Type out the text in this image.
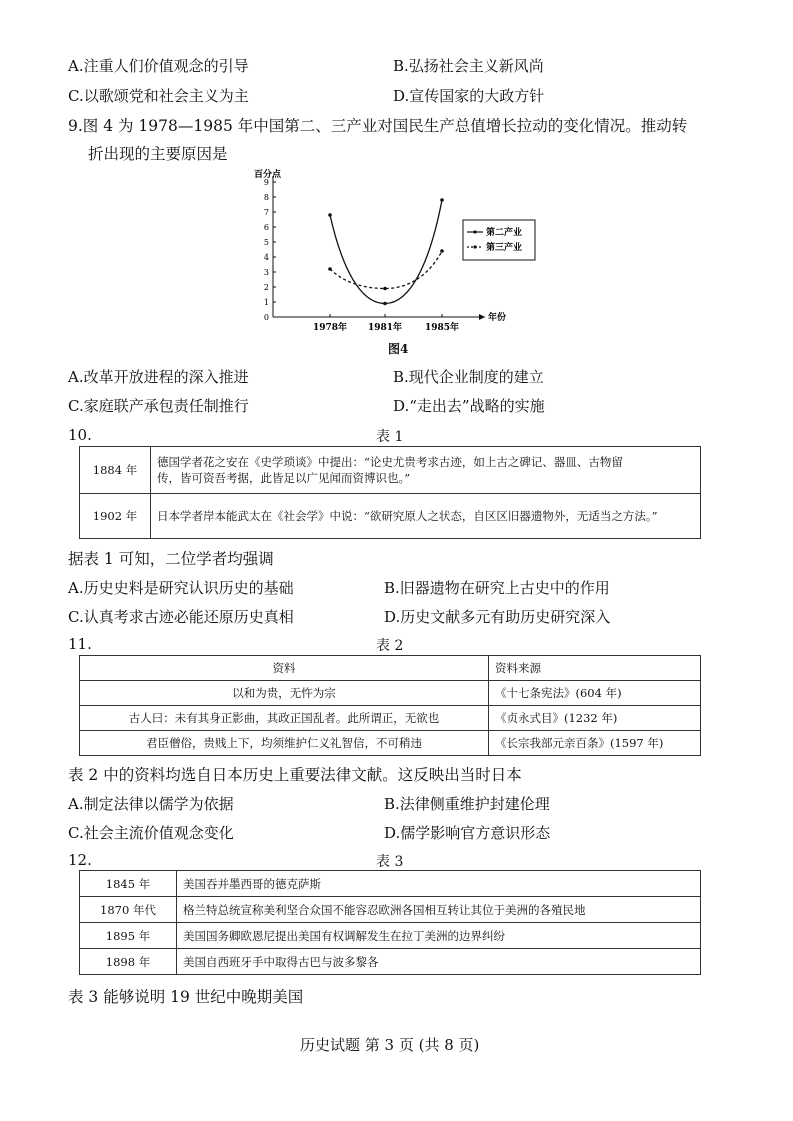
A.注重人们价值观念的引导	B.弘扬社会主义新风尚
C.以歌颂党和社会主义为主	D.宣传国家的大政方针
9.图 4 为 1978—1985 年中国第二、三产业对国民生产总值增长拉动的变化情况。推动转
折出现的主要原因是
0
1
2
3
4
5
6
7
8
9
百分点
1978年 1981年	1985年
年份
第二产业
第三产业
图4
A.改革开放进程的深入推进	B.现代企业制度的建立
C.家庭联产承包责任制推行	D.“走出去”战略的实施
10.	表 1
1884 年	德国学者花之安在《史学琐谈》中提出：“论史尤贵考求古迹，如上古之碑记、器皿、古物留
传，皆可资吾考据，此皆足以广见闻而资博识也。”

1902 年	日本学者岸本能武太在《社会学》中说：“欲研究原人之状态，自区区旧器遗物外，无适当之方法。”
据表 1 可知，二位学者均强调
A.历史史料是研究认识历史的基础	B.旧器遗物在研究上古史中的作用
C.认真考求古迹必能还原历史真相	D.历史文献多元有助历史研究深入
11.	表 2
资料	资料来源
以和为贵，无忤为宗	《十七条宪法》(604 年)
古人曰：未有其身正影曲，其政正国乱者。此所谓正，无欲也	《贞永式目》(1232 年)
君臣僧俗，贵贱上下，均须维护仁义礼智信，不可稍违	《长宗我部元亲百条》(1597 年)
表 2 中的资料均选自日本历史上重要法律文献。这反映出当时日本
A.制定法律以儒学为依据	B.法律侧重维护封建伦理
C.社会主流价值观念变化	D.儒学影响官方意识形态
12.	表 3
1845 年	美国吞并墨西哥的德克萨斯
1870 年代	格兰特总统宣称美利坚合众国不能容忍欧洲各国相互转让其位于美洲的各殖民地
1895 年	美国国务卿欧恩尼提出美国有权调解发生在拉丁美洲的边界纠纷
1898 年	美国自西班牙手中取得古巴与波多黎各
表 3 能够说明 19 世纪中晚期美国
历史试题 第 3 页 (共 8 页)
